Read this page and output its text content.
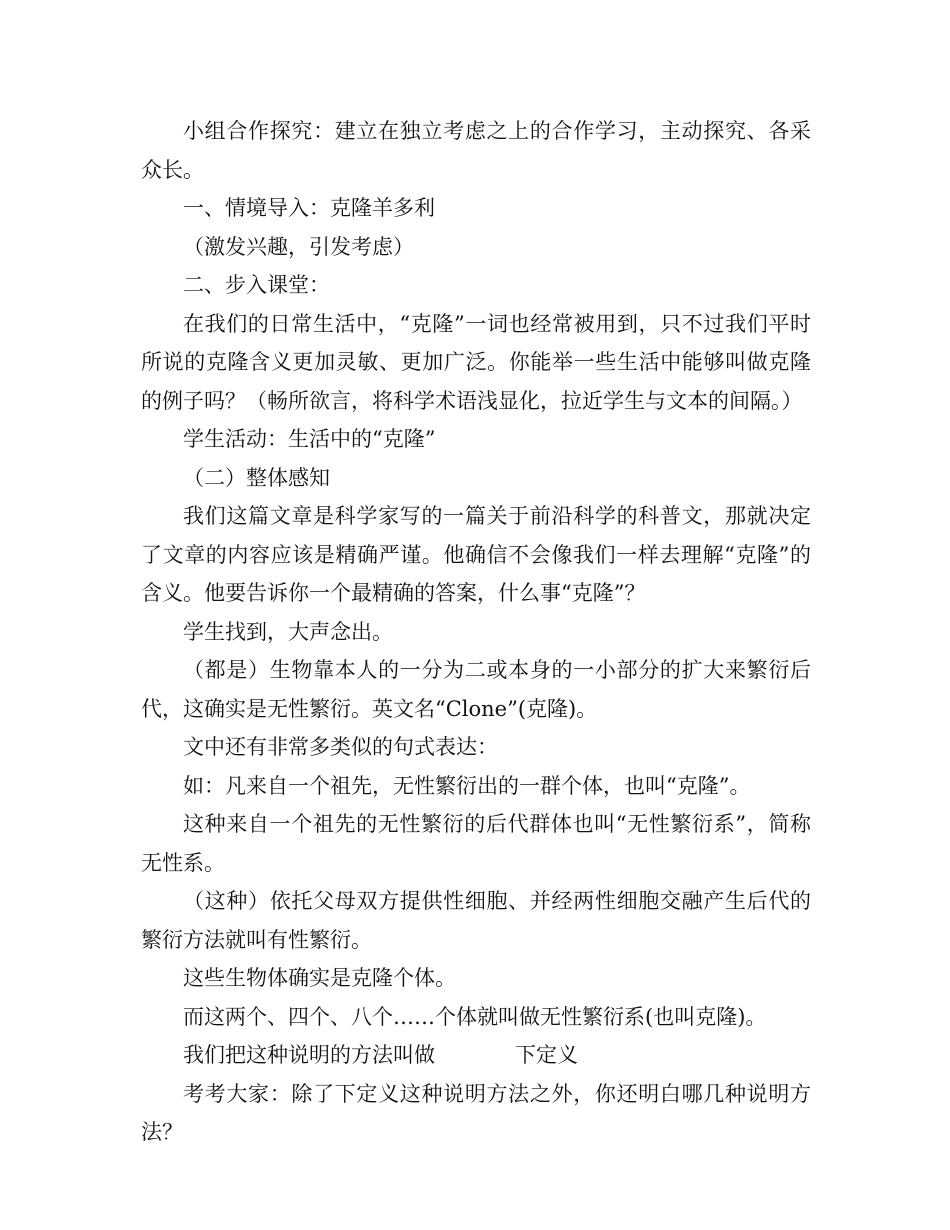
小组合作探究：建立在独立考虑之上的合作学习，主动探究、各采众长。

一、情境导入：克隆羊多利

（激发兴趣，引发考虑）

二、步入课堂：

在我们的日常生活中，“克隆”一词也经常被用到，只不过我们平时所说的克隆含义更加灵敏、更加广泛。你能举一些生活中能够叫做克隆的例子吗？（畅所欲言，将科学术语浅显化，拉近学生与文本的间隔。）

学生活动：生活中的“克隆”

（二）整体感知

我们这篇文章是科学家写的一篇关于前沿科学的科普文，那就决定了文章的内容应该是精确严谨。他确信不会像我们一样去理解“克隆”的含义。他要告诉你一个最精确的答案，什么事“克隆”？

学生找到，大声念出。

（都是）生物靠本人的一分为二或本身的一小部分的扩大来繁衍后代，这确实是无性繁衍。英文名“Clone”(克隆)。

文中还有非常多类似的句式表达：

如：凡来自一个祖先，无性繁衍出的一群个体，也叫“克隆”。

这种来自一个祖先的无性繁衍的后代群体也叫“无性繁衍系”，简称无性系。

（这种）依托父母双方提供性细胞、并经两性细胞交融产生后代的繁衍方法就叫有性繁衍。

这些生物体确实是克隆个体。

而这两个、四个、八个……个体就叫做无性繁衍系(也叫克隆)。

我们把这种说明的方法叫做	下定义

考考大家：除了下定义这种说明方法之外，你还明白哪几种说明方法？
